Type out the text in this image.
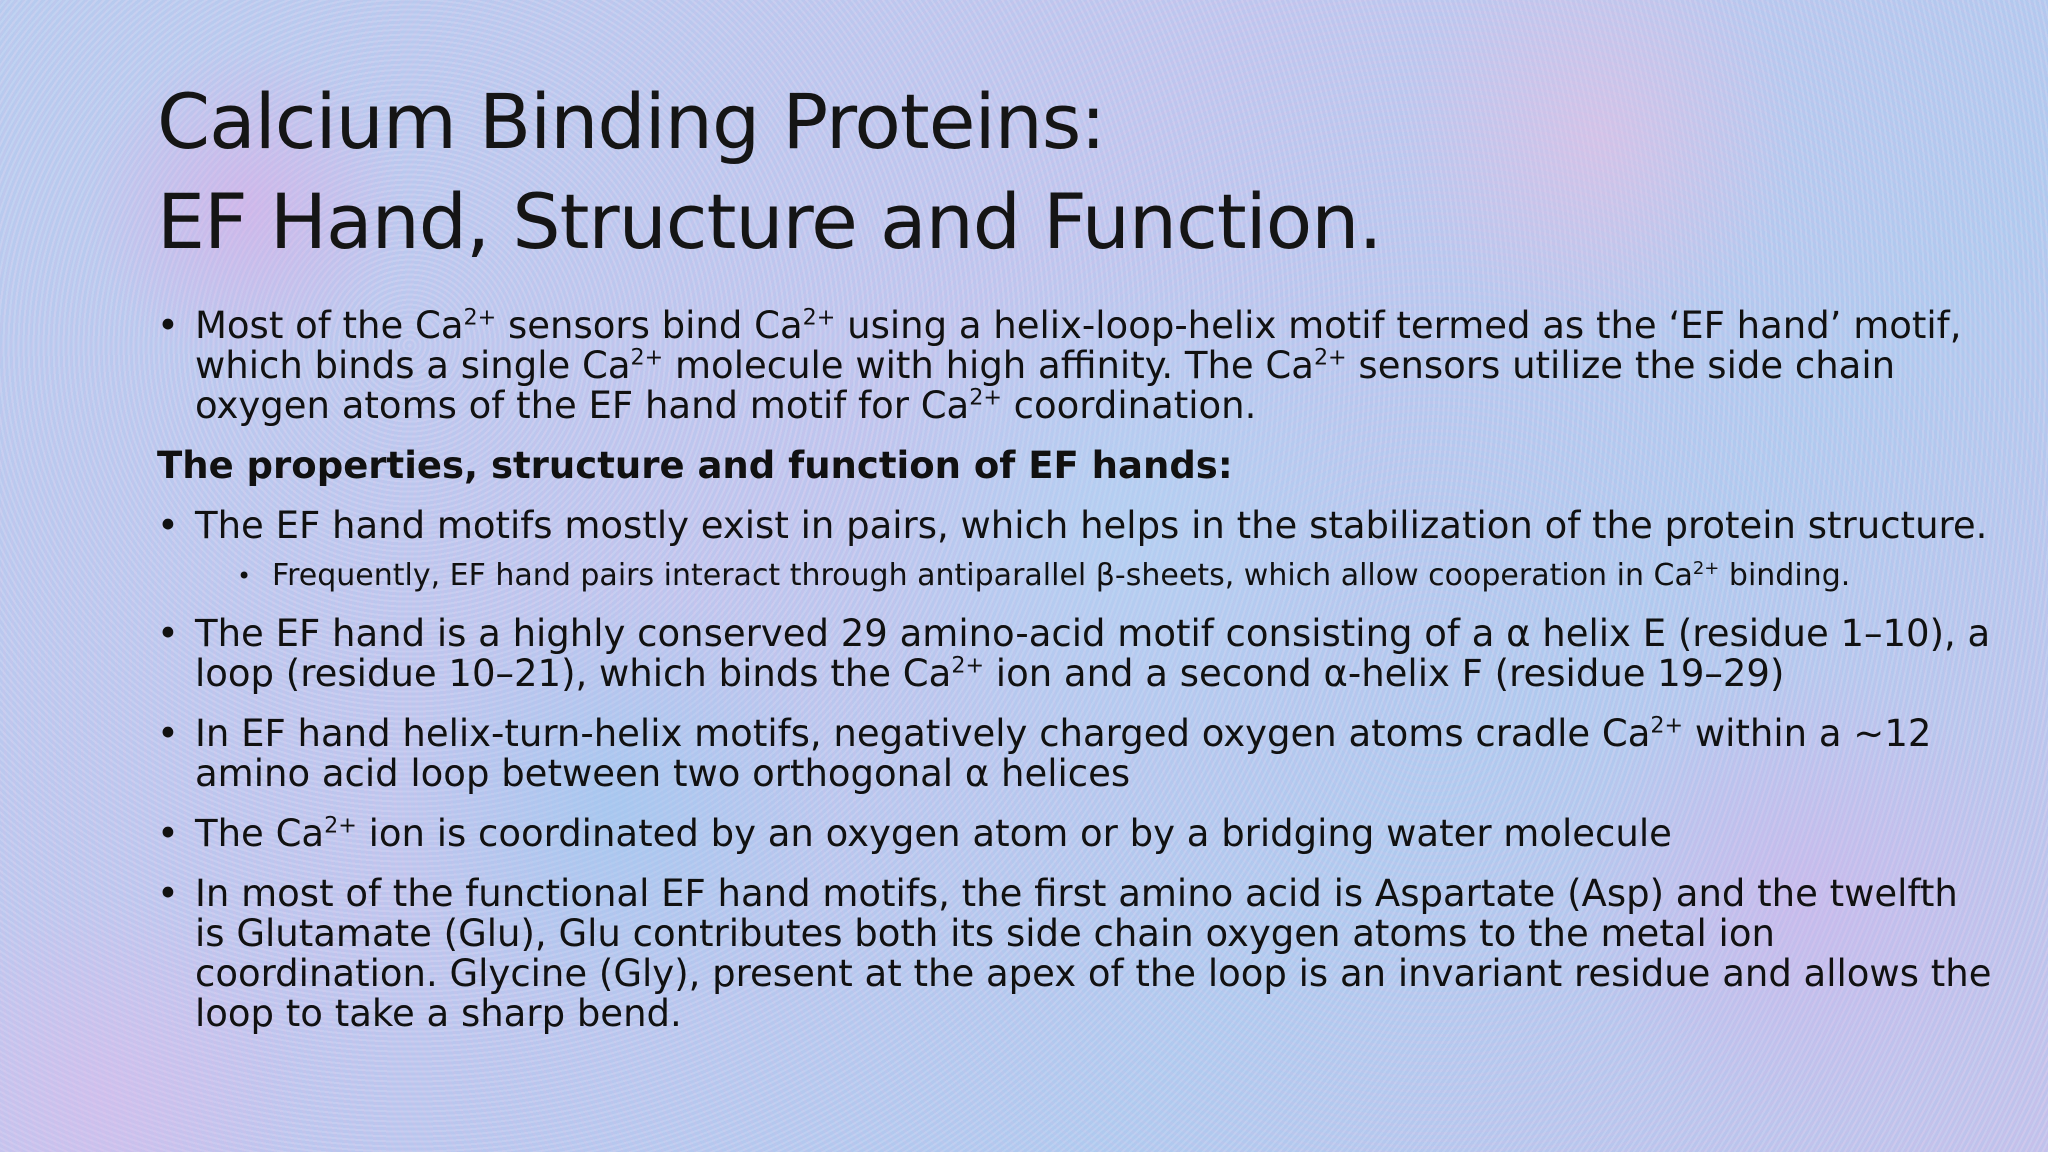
Calcium Binding Proteins:
EF Hand, Structure and Function.
• Most of the $Ca^{2+}$ sensors bind $Ca^{2+}$ using a helix-loop-helix motif termed as the ‘EF hand’ motif, which binds a single $Ca^{2+}$ molecule with high affinity. The $Ca^{2+}$ sensors utilize the side chain oxygen atoms of the EF hand motif for $Ca^{2+}$ coordination.
The properties, structure and function of EF hands:
• The EF hand motifs mostly exist in pairs, which helps in the stabilization of the protein structure.
• Frequently, EF hand pairs interact through antiparallel β-sheets, which allow cooperation in $Ca^{2+}$ binding.
• The EF hand is a highly conserved 29 amino-acid motif consisting of a α helix E (residue 1–10), a loop (residue 10–21), which binds the $Ca^{2+}$ ion and a second α-helix F (residue 19–29)
• In EF hand helix-turn-helix motifs, negatively charged oxygen atoms cradle $Ca^{2+}$ within a ∼12 amino acid loop between two orthogonal α helices
• The $Ca^{2+}$ ion is coordinated by an oxygen atom or by a bridging water molecule
• In most of the functional EF hand motifs, the first amino acid is Aspartate (Asp) and the twelfth is Glutamate (Glu), Glu contributes both its side chain oxygen atoms to the metal ion coordination. Glycine (Gly), present at the apex of the loop is an invariant residue and allows the loop to take a sharp bend.
